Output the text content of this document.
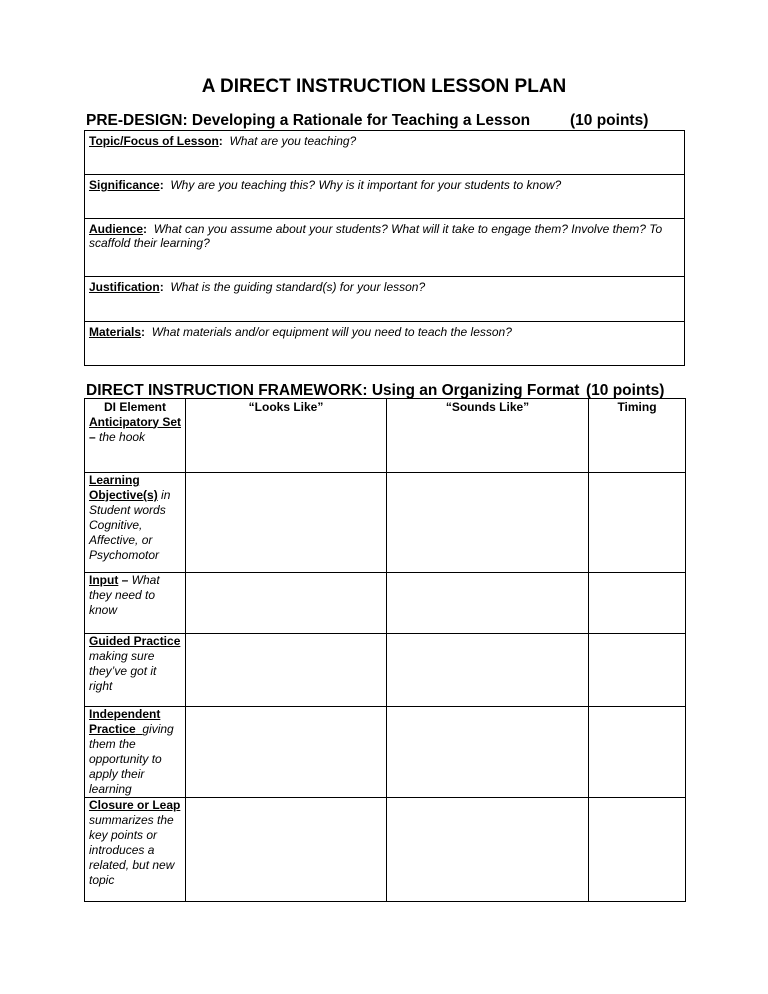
A DIRECT INSTRUCTION LESSON PLAN
PRE-DESIGN: Developing a Rationale for Teaching a Lesson	(10 points)
Topic/Focus of Lesson: What are you teaching?
Significance: Why are you teaching this? Why is it important for your students to know?
Audience: What can you assume about your students? What will it take to engage them? Involve them? To scaffold their learning?
Justification: What is the guiding standard(s) for your lesson?
Materials: What materials and/or equipment will you need to teach the lesson?
DIRECT INSTRUCTION FRAMEWORK: Using an Organizing Format (10 points)
DI Element	“Looks Like”	“Sounds Like”	Timing
Anticipatory Set – the hook			
Learning Objective(s) in Student words Cognitive, Affective, or Psychomotor			
Input – What they need to know			
Guided Practice making sure they’ve got it right			
Independent Practice giving them the opportunity to apply their learning			
Closure or Leap summarizes the key points or introduces a related, but new topic			
